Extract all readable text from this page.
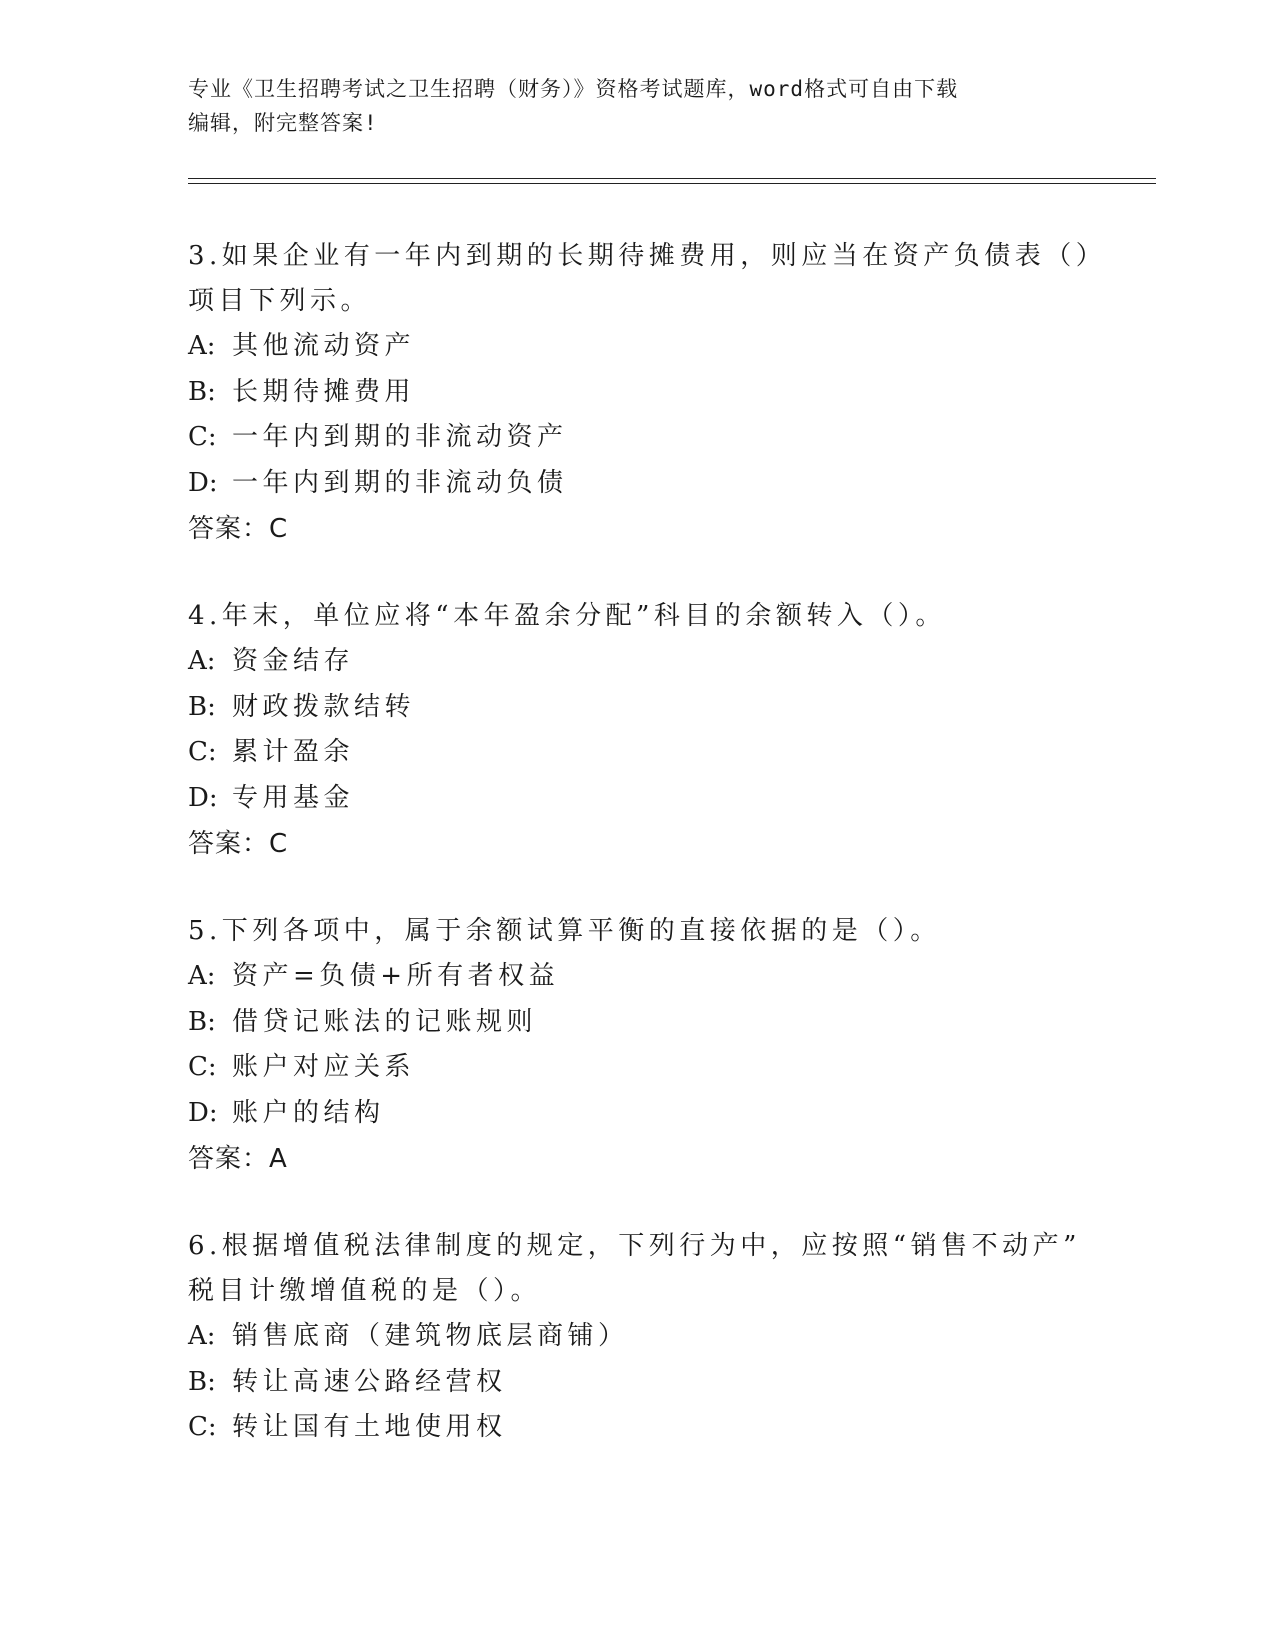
专业《卫生招聘考试之卫生招聘（财务）》资格考试题库，word格式可自由下载
编辑，附完整答案!
3.如果企业有一年内到期的长期待摊费用，则应当在资产负债表（）
项目下列示。
A: 其他流动资产
B: 长期待摊费用
C: 一年内到期的非流动资产
D: 一年内到期的非流动负债
答案：C
4.年末，单位应将“本年盈余分配”科目的余额转入（）。
A: 资金结存
B: 财政拨款结转
C: 累计盈余
D: 专用基金
答案：C
5.下列各项中，属于余额试算平衡的直接依据的是（）。
A: 资产=负债+所有者权益
B: 借贷记账法的记账规则
C: 账户对应关系
D: 账户的结构
答案：A
6.根据增值税法律制度的规定，下列行为中，应按照“销售不动产”
税目计缴增值税的是（）。
A: 销售底商（建筑物底层商铺）
B: 转让高速公路经营权
C: 转让国有土地使用权
